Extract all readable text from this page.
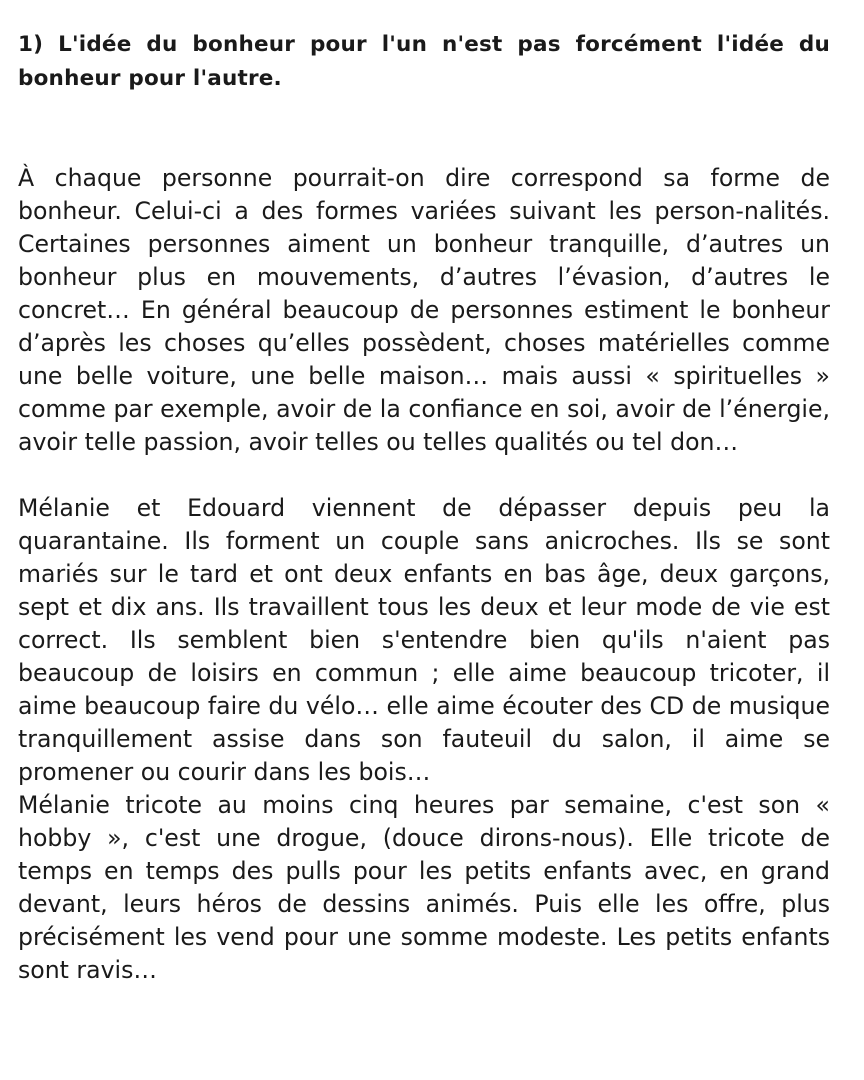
1) L'idée du bonheur pour l'un n'est pas forcément l'idée du bonheur pour l'autre.

À chaque personne pourrait-on dire correspond sa forme de bonheur. Celui-ci a des formes variées suivant les person-nalités. Certaines personnes aiment un bonheur tranquille, d’autres un bonheur plus en mouvements, d’autres l’évasion, d’autres le concret… En général beaucoup de personnes estiment le bonheur d’après les choses qu’elles possèdent, choses matérielles comme une belle voiture, une belle maison… mais aussi « spirituelles » comme par exemple, avoir de la confiance en soi, avoir de l’énergie, avoir telle passion, avoir telles ou telles qualités ou tel don…

Mélanie et Edouard viennent de dépasser depuis peu la quarantaine. Ils forment un couple sans anicroches. Ils se sont mariés sur le tard et ont deux enfants en bas âge, deux garçons, sept et dix ans. Ils travaillent tous les deux et leur mode de vie est correct. Ils semblent bien s'entendre bien qu'ils n'aient pas beaucoup de loisirs en commun ; elle aime beaucoup tricoter, il aime beaucoup faire du vélo… elle aime écouter des CD de musique tranquillement assise dans son fauteuil du salon, il aime se promener ou courir dans les bois…

Mélanie tricote au moins cinq heures par semaine, c'est son « hobby », c'est une drogue, (douce dirons-nous). Elle tricote de temps en temps des pulls pour les petits enfants avec, en grand devant, leurs héros de dessins animés. Puis elle les offre, plus précisément les vend pour une somme modeste. Les petits enfants sont ravis…
